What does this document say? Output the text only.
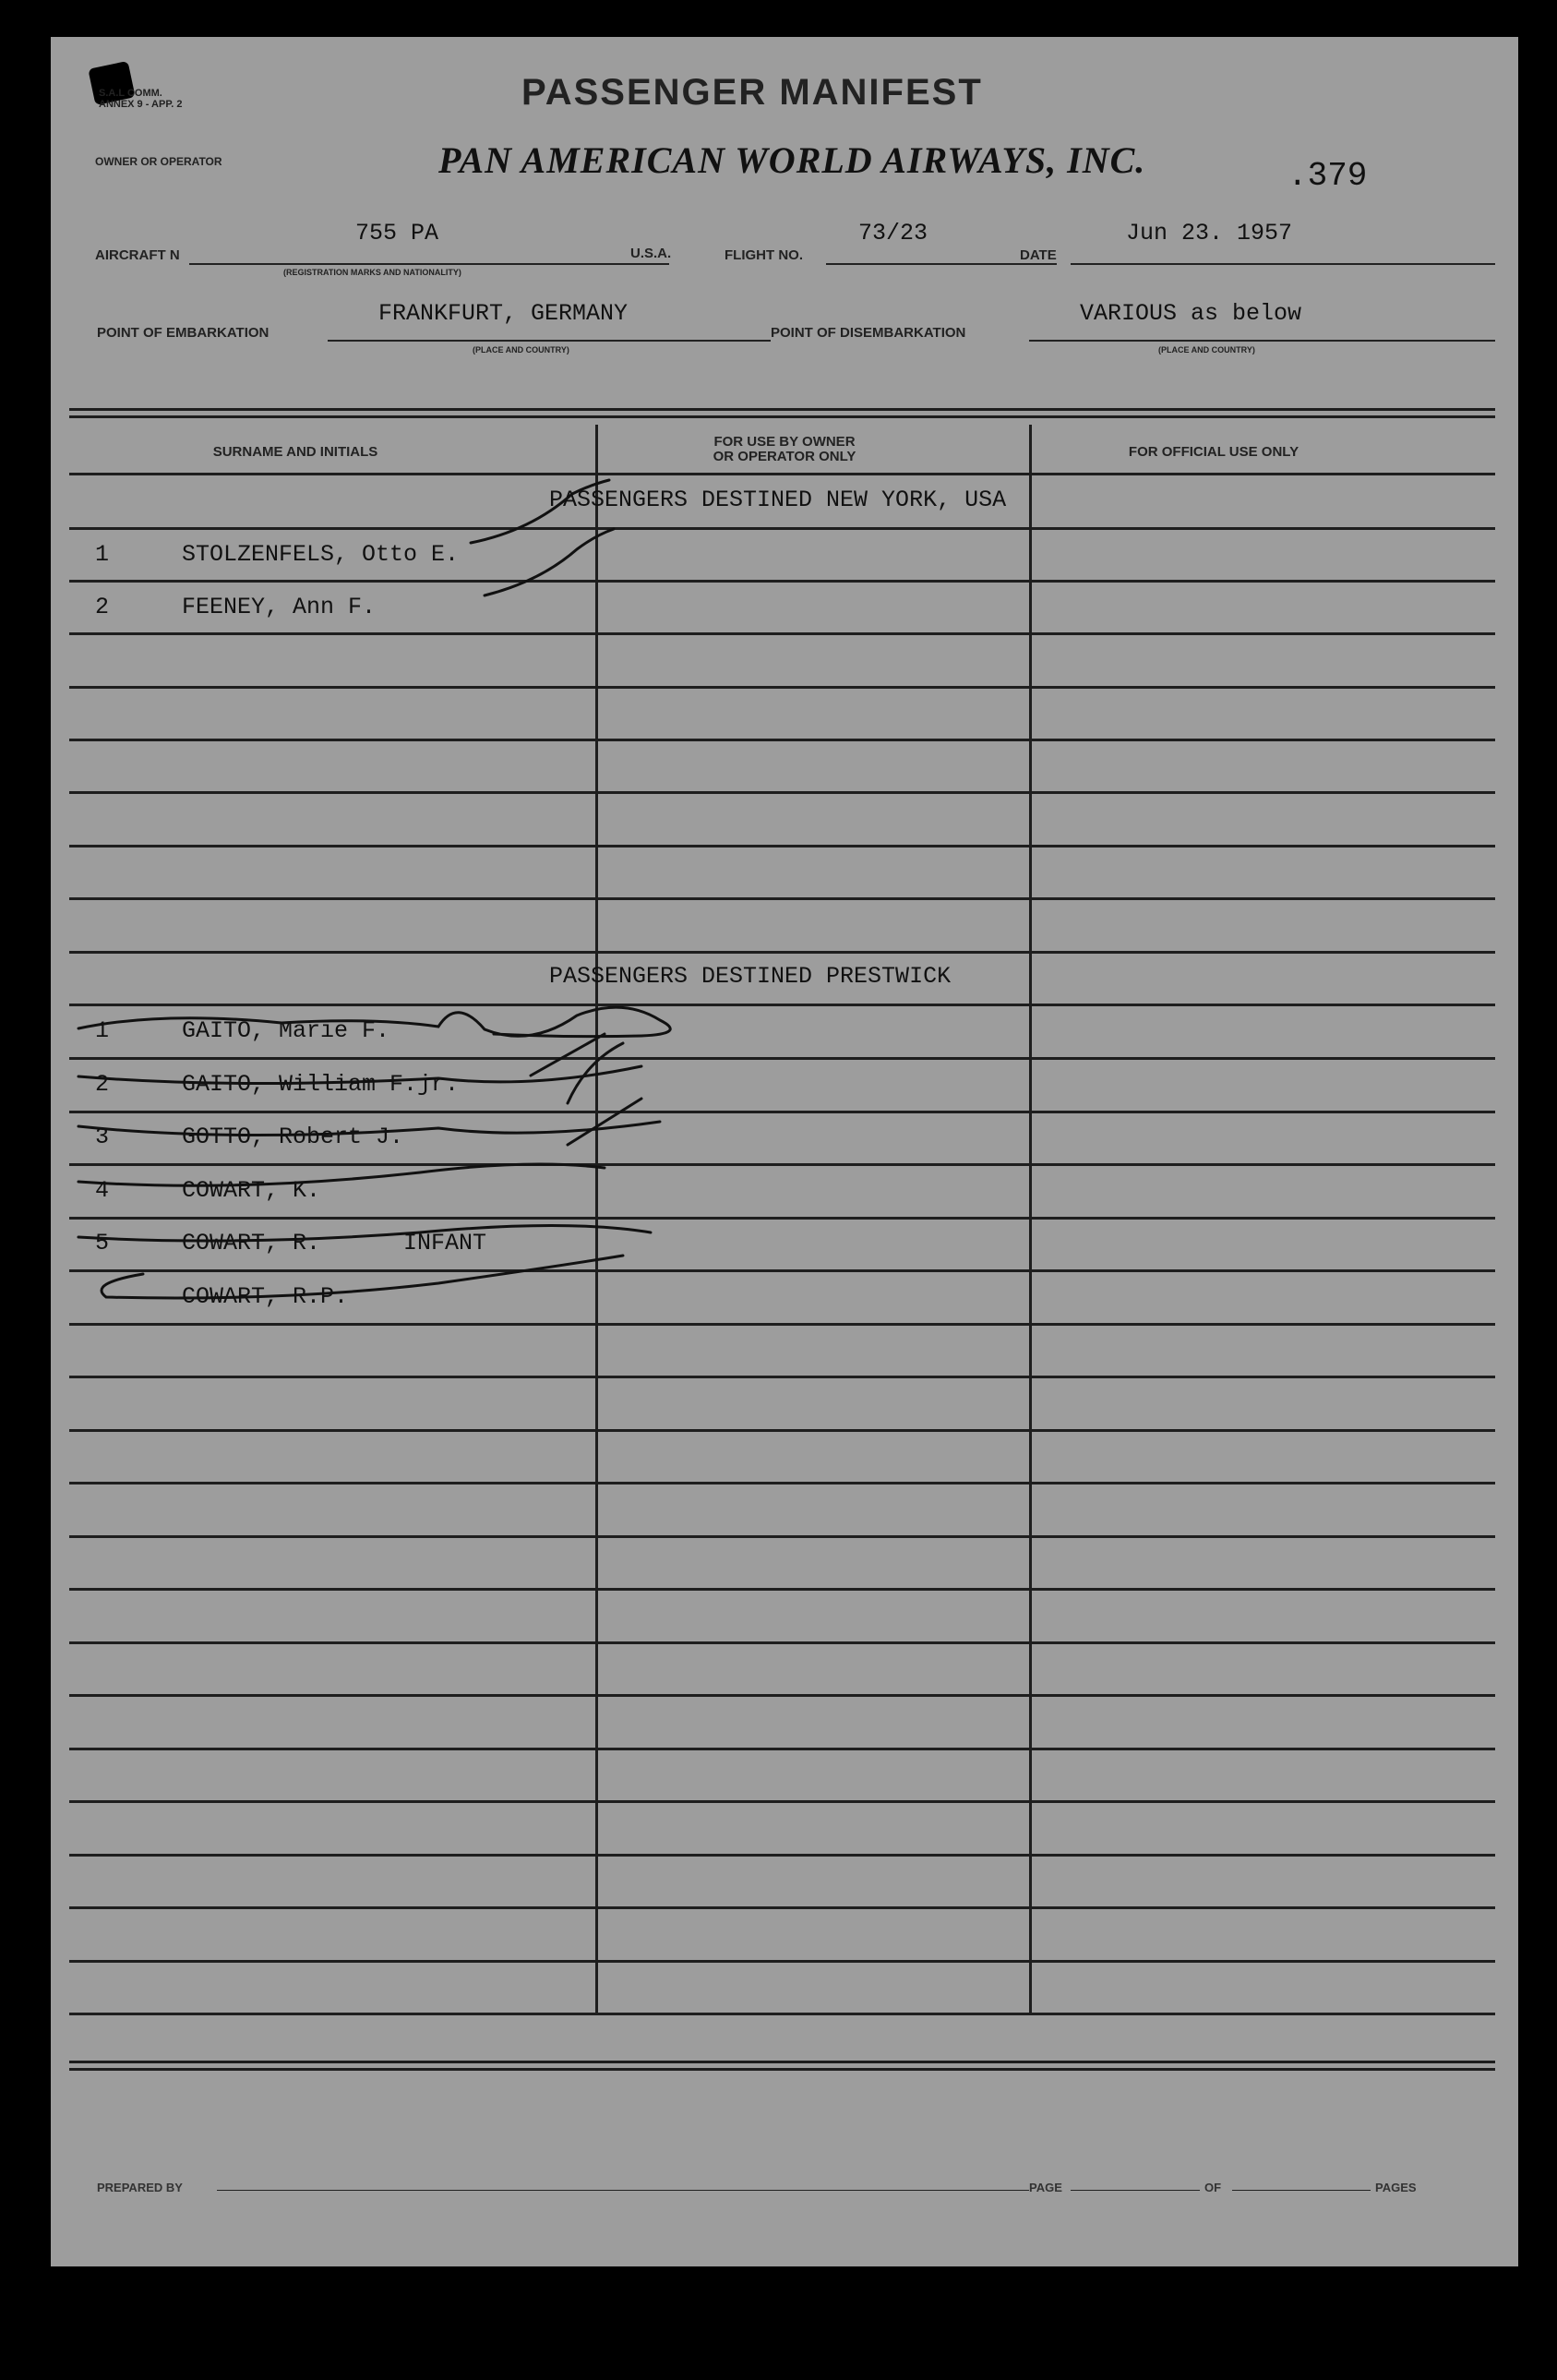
S.A.L COMM.
ANNEX 9 - APP. 2	PASSENGER MANIFEST
OWNER OR OPERATOR	PAN AMERICAN WORLD AIRWAYS, INC.	.379
AIRCRAFT N
755 PA
(REGISTRATION MARKS AND NATIONALITY)
U.S.A.	FLIGHT NO.
73/23
DATE
Jun 23. 1957
POINT OF EMBARKATION
FRANKFURT, GERMANY
(PLACE AND COUNTRY)
POINT OF DISEMBARKATION
VARIOUS as below
(PLACE AND COUNTRY)
SURNAME AND INITIALS
FOR USE BY OWNER
OR OPERATOR ONLY	FOR OFFICIAL USE ONLY
PASSENGERS DESTINED NEW YORK, USA
1	STOLZENFELS, Otto E.
2	FEENEY, Ann F.
PASSENGERS DESTINED PRESTWICK
1	GAITO, Marie F.
2	GAITO, William F.jr.
3	GOTTO, Robert J.
4	COWART, K.
5	COWART, R.      INFANT
COWART, R.P.
PREPARED BY	PAGE	OF	PAGES
